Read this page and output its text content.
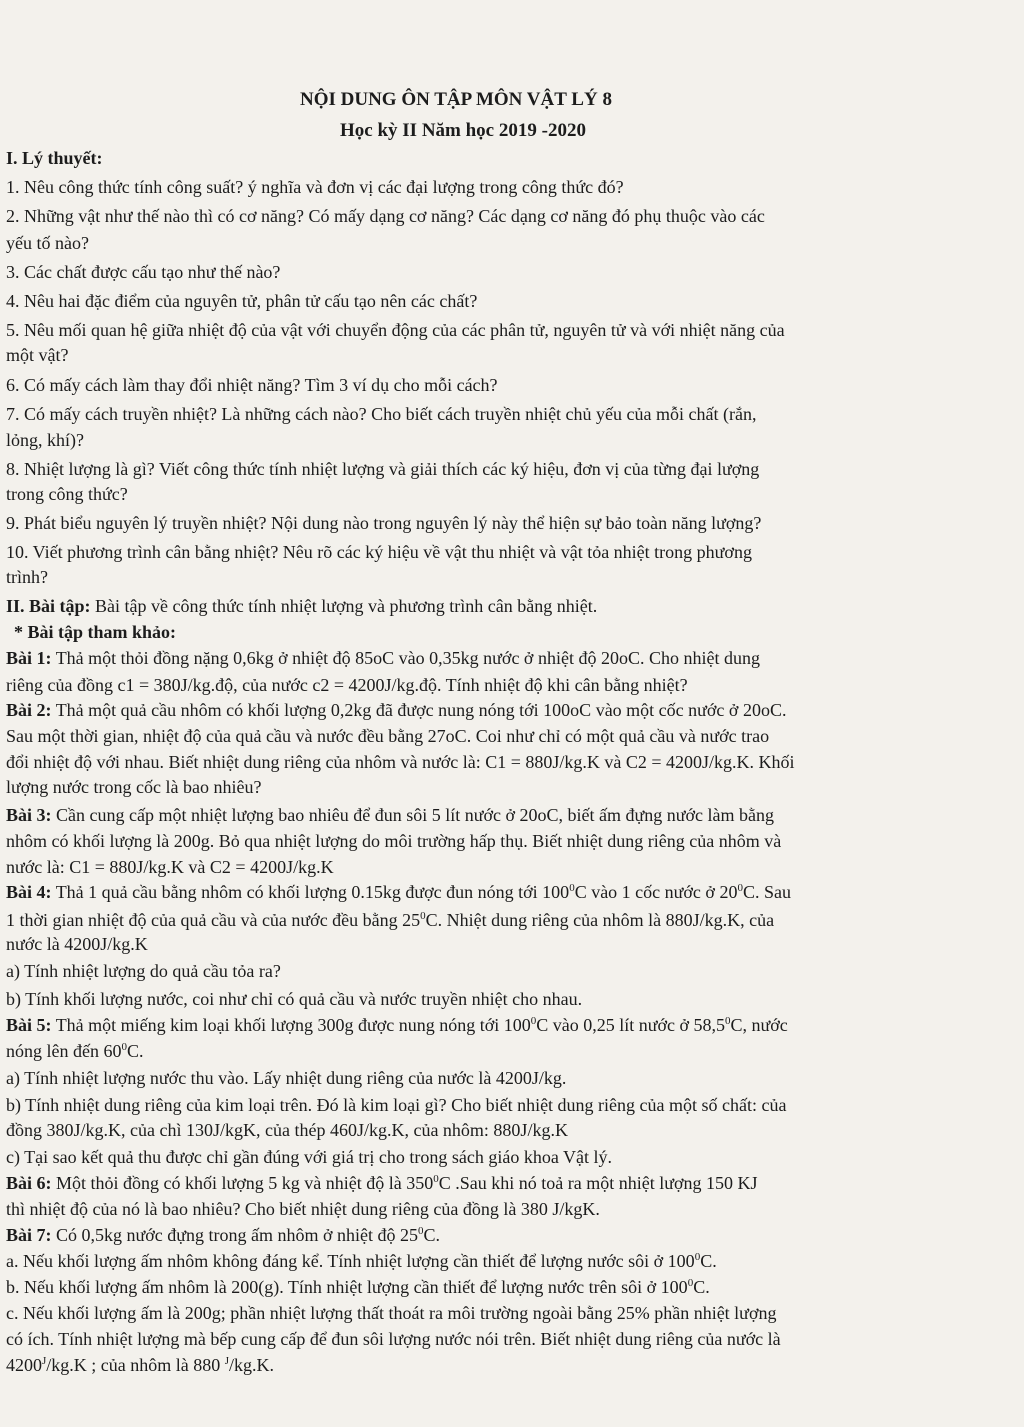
NỘI DUNG ÔN TẬP MÔN VẬT LÝ 8
Học kỳ II Năm học 2019 -2020
I. Lý thuyết:
1. Nêu công thức tính công suất? ý nghĩa và đơn vị các đại lượng trong công thức đó?
2. Những vật như thế nào thì có cơ năng? Có mấy dạng cơ năng? Các dạng cơ năng đó phụ thuộc vào các
yếu tố nào?
3. Các chất được cấu tạo như thế nào?
4. Nêu hai đặc điểm của nguyên tử, phân tử cấu tạo nên các chất?
5. Nêu mối quan hệ giữa nhiệt độ của vật với chuyển động của các phân tử, nguyên tử và với nhiệt năng của
một vật?
6. Có mấy cách làm thay đổi nhiệt năng? Tìm 3 ví dụ cho mỗi cách?
7. Có mấy cách truyền nhiệt? Là những cách nào? Cho biết cách truyền nhiệt chủ yếu của mỗi chất (rắn,
lỏng, khí)?
8. Nhiệt lượng là gì? Viết công thức tính nhiệt lượng và giải thích các ký hiệu, đơn vị của từng đại lượng
trong công thức?
9. Phát biểu nguyên lý truyền nhiệt? Nội dung nào trong nguyên lý này thể hiện sự bảo toàn năng lượng?
10. Viết phương trình cân bằng nhiệt? Nêu rõ các ký hiệu về vật thu nhiệt và vật tỏa nhiệt trong phương
trình?
II. Bài tập: Bài tập về công thức tính nhiệt lượng và phương trình cân bằng nhiệt.
* Bài tập tham khảo:
Bài 1: Thả một thỏi đồng nặng 0,6kg ở nhiệt độ 85oC vào 0,35kg nước ở nhiệt độ 20oC. Cho nhiệt dung
riêng của đồng c1 = 380J/kg.độ, của nước c2 = 4200J/kg.độ. Tính nhiệt độ khi cân bằng nhiệt?
Bài 2: Thả một quả cầu nhôm có khối lượng 0,2kg đã được nung nóng tới 100oC vào một cốc nước ở 20oC.
Sau một thời gian, nhiệt độ của quả cầu và nước đều bằng 27oC. Coi như chỉ có một quả cầu và nước trao
đổi nhiệt độ với nhau. Biết nhiệt dung riêng của nhôm và nước là: C1 = 880J/kg.K và C2 = 4200J/kg.K. Khối
lượng nước trong cốc là bao nhiêu?
Bài 3: Cần cung cấp một nhiệt lượng bao nhiêu để đun sôi 5 lít nước ở 20oC, biết ấm đựng nước làm bằng
nhôm có khối lượng là 200g. Bỏ qua nhiệt lượng do môi trường hấp thụ. Biết nhiệt dung riêng của nhôm và
nước là: C1 = 880J/kg.K và C2 = 4200J/kg.K
Bài 4: Thả 1 quả cầu bằng nhôm có khối lượng 0.15kg được đun nóng tới $100^0C$ vào 1 cốc nước ở $20^0C$. Sau
1 thời gian nhiệt độ của quả cầu và của nước đều bằng $25^0C$. Nhiệt dung riêng của nhôm là 880J/kg.K, của
nước là 4200J/kg.K
a) Tính nhiệt lượng do quả cầu tỏa ra?
b) Tính khối lượng nước, coi như chỉ có quả cầu và nước truyền nhiệt cho nhau.
Bài 5: Thả một miếng kim loại khối lượng 300g được nung nóng tới $100^0C$ vào 0,25 lít nước ở 58,5$^0$C, nước
nóng lên đến $60^0C$.
a) Tính nhiệt lượng nước thu vào. Lấy nhiệt dung riêng của nước là 4200J/kg.
b) Tính nhiệt dung riêng của kim loại trên. Đó là kim loại gì? Cho biết nhiệt dung riêng của một số chất: của
đồng 380J/kg.K, của chì 130J/kgK, của thép 460J/kg.K, của nhôm: 880J/kg.K
c) Tại sao kết quả thu được chỉ gần đúng với giá trị cho trong sách giáo khoa Vật lý.
Bài 6: Một thỏi đồng có khối lượng 5 kg và nhiệt độ là $350^0C$ .Sau khi nó toả ra một nhiệt lượng 150 KJ
thì nhiệt độ của nó là bao nhiêu? Cho biết nhiệt dung riêng của đồng là 380 J/kgK.
Bài 7: Có 0,5kg nước đựng trong ấm nhôm ở nhiệt độ $25^0C$.
a. Nếu khối lượng ấm nhôm không đáng kể. Tính nhiệt lượng cần thiết để lượng nước sôi ở $100^0C$.
b. Nếu khối lượng ấm nhôm là 200(g). Tính nhiệt lượng cần thiết để lượng nước trên sôi ở $100^0C$.
c. Nếu khối lượng ấm là 200g; phần nhiệt lượng thất thoát ra môi trường ngoài bằng 25% phần nhiệt lượng
có ích. Tính nhiệt lượng mà bếp cung cấp để đun sôi lượng nước nói trên. Biết nhiệt dung riêng của nước là
$4200^J/kg.K$ ; của nhôm là 880 $^J$/kg.K.
